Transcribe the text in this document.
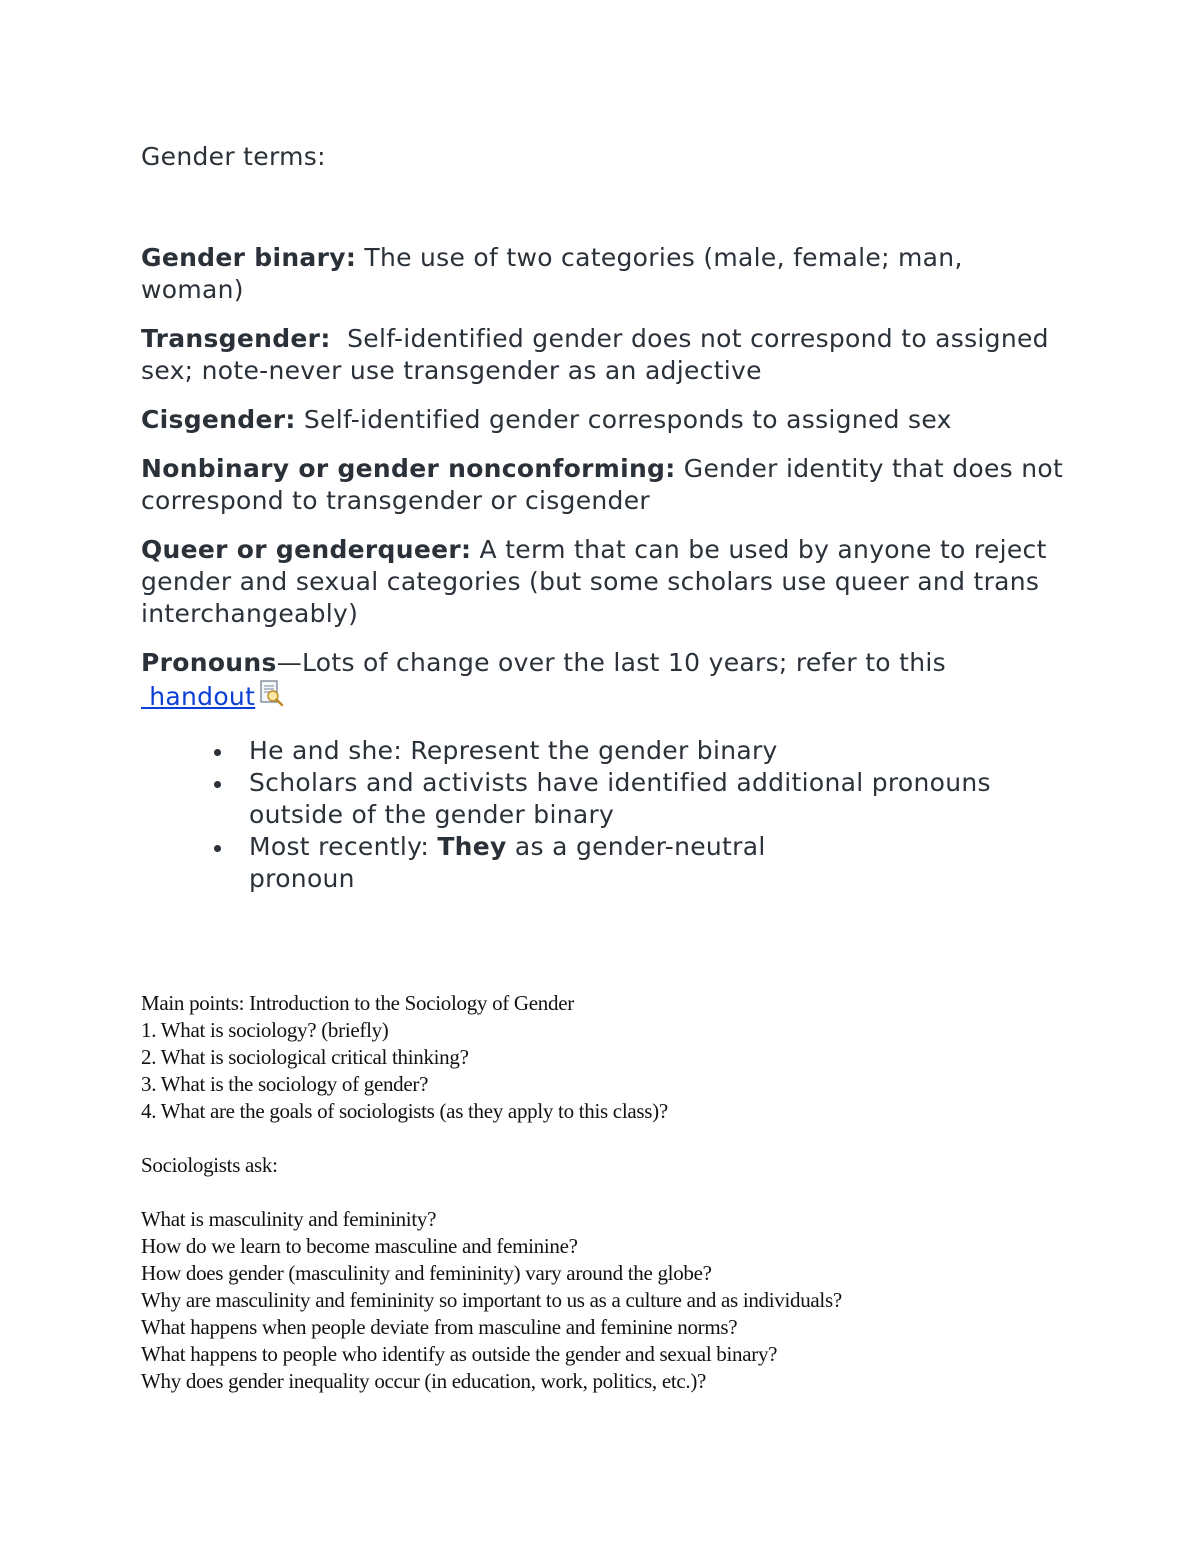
Gender terms:

Gender binary: The use of two categories (male, female; man, woman)

Transgender:  Self-identified gender does not correspond to assigned sex; note-never use transgender as an adjective

Cisgender: Self-identified gender corresponds to assigned sex

Nonbinary or gender nonconforming: Gender identity that does not correspond to transgender or cisgender

Queer or genderqueer: A term that can be used by anyone to reject gender and sexual categories (but some scholars use queer and trans interchangeably)

Pronouns—Lots of change over the last 10 years; refer to this handout

He and she: Represent the gender binary
Scholars and activists have identified additional pronouns outside of the gender binary
Most recently: They as a gender-neutral
pronoun
Main points: Introduction to the Sociology of Gender
1. What is sociology? (briefly)
2. What is sociological critical thinking?
3. What is the sociology of gender?
4. What are the goals of sociologists (as they apply to this class)?
Sociologists ask:
What is masculinity and femininity?
How do we learn to become masculine and feminine?
How does gender (masculinity and femininity) vary around the globe?
Why are masculinity and femininity so important to us as a culture and as individuals?
What happens when people deviate from masculine and feminine norms?
What happens to people who identify as outside the gender and sexual binary?
Why does gender inequality occur (in education, work, politics, etc.)?
